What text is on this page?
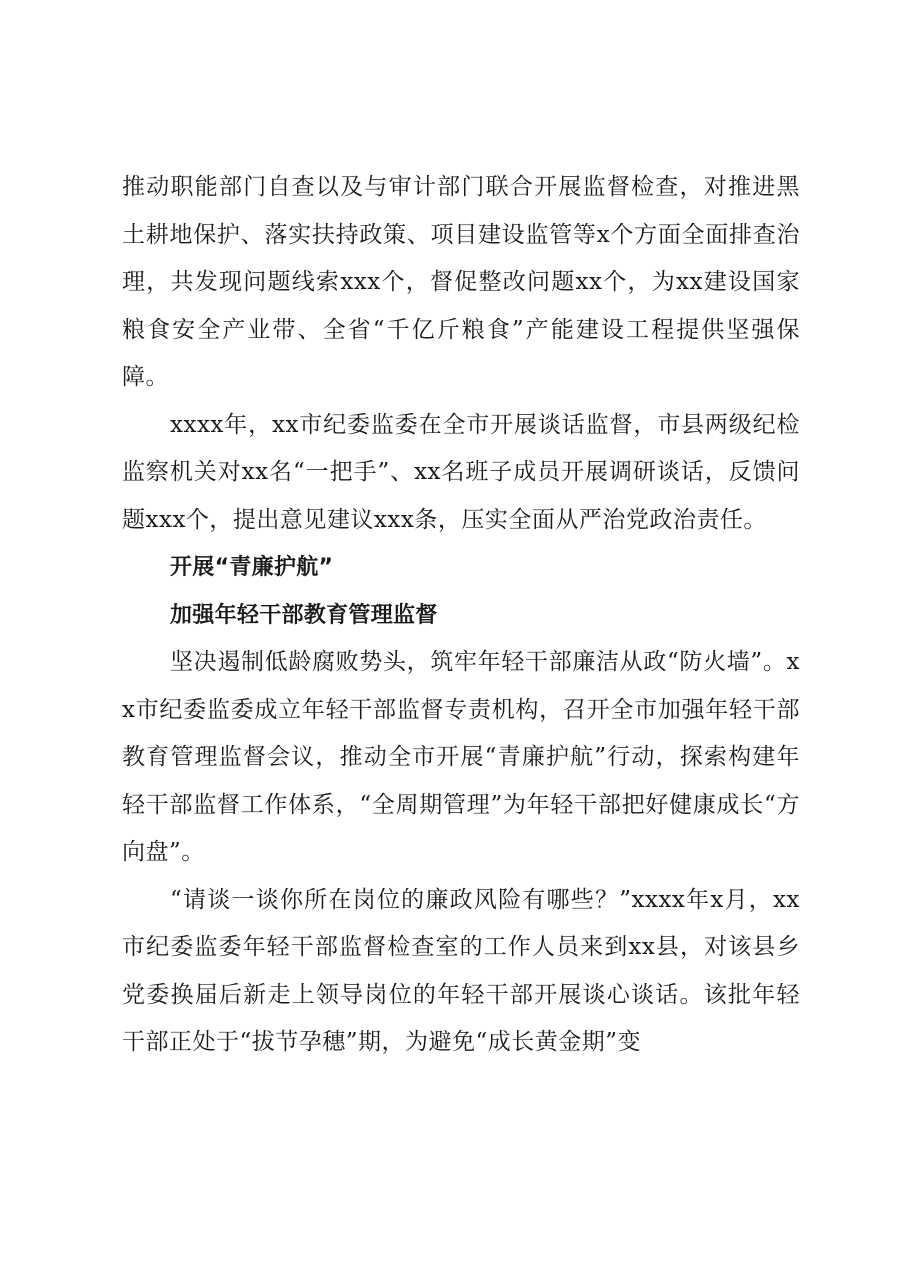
推动职能部门自查以及与审计部门联合开展监督检查，对推进黑土耕地保护、落实扶持政策、项目建设监管等x个方面全面排查治理，共发现问题线索xxx个，督促整改问题xx个，为xx建设国家粮食安全产业带、全省“千亿斤粮食”产能建设工程提供坚强保障。

xxxx年，xx市纪委监委在全市开展谈话监督，市县两级纪检监察机关对xx名“一把手”、xx名班子成员开展调研谈话，反馈问题xxx个，提出意见建议xxx条，压实全面从严治党政治责任。

开展“青廉护航”

加强年轻干部教育管理监督

坚决遏制低龄腐败势头，筑牢年轻干部廉洁从政“防火墙”。xx市纪委监委成立年轻干部监督专责机构，召开全市加强年轻干部教育管理监督会议，推动全市开展“青廉护航”行动，探索构建年轻干部监督工作体系，“全周期管理”为年轻干部把好健康成长“方向盘”。

“请谈一谈你所在岗位的廉政风险有哪些？”xxxx年x月，xx市纪委监委年轻干部监督检查室的工作人员来到xx县，对该县乡党委换届后新走上领导岗位的年轻干部开展谈心谈话。该批年轻干部正处于“拔节孕穗”期，为避免“成长黄金期”变
